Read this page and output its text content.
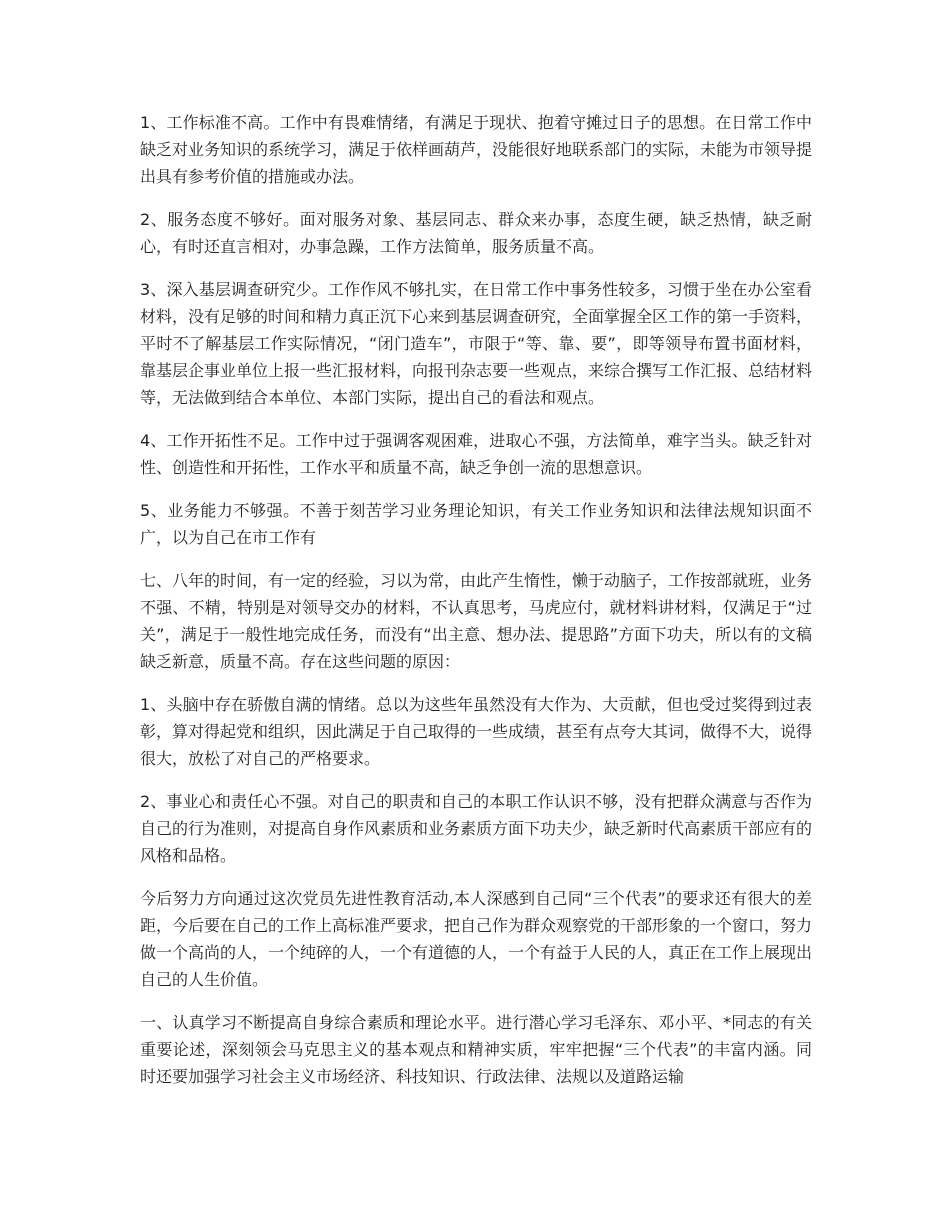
1、工作标准不高。工作中有畏难情绪，有满足于现状、抱着守摊过日子的思想。在日常工作中缺乏对业务知识的系统学习，满足于依样画葫芦，没能很好地联系部门的实际，未能为市领导提出具有参考价值的措施或办法。

2、服务态度不够好。面对服务对象、基层同志、群众来办事，态度生硬，缺乏热情，缺乏耐心，有时还直言相对，办事急躁，工作方法简单，服务质量不高。

3、深入基层调查研究少。工作作风不够扎实，在日常工作中事务性较多，习惯于坐在办公室看材料，没有足够的时间和精力真正沉下心来到基层调查研究，全面掌握全区工作的第一手资料，平时不了解基层工作实际情况，“闭门造车”，市限于“等、靠、要”，即等领导布置书面材料，靠基层企事业单位上报一些汇报材料，向报刊杂志要一些观点，来综合撰写工作汇报、总结材料等，无法做到结合本单位、本部门实际，提出自己的看法和观点。

4、工作开拓性不足。工作中过于强调客观困难，进取心不强，方法简单，难字当头。缺乏针对性、创造性和开拓性，工作水平和质量不高，缺乏争创一流的思想意识。

5、业务能力不够强。不善于刻苦学习业务理论知识，有关工作业务知识和法律法规知识面不广，以为自己在市工作有

七、八年的时间，有一定的经验，习以为常，由此产生惰性，懒于动脑子，工作按部就班，业务不强、不精，特别是对领导交办的材料，不认真思考，马虎应付，就材料讲材料，仅满足于“过关”，满足于一般性地完成任务，而没有“出主意、想办法、提思路”方面下功夫，所以有的文稿缺乏新意，质量不高。存在这些问题的原因：

1、头脑中存在骄傲自满的情绪。总以为这些年虽然没有大作为、大贡献，但也受过奖得到过表彰，算对得起党和组织，因此满足于自己取得的一些成绩，甚至有点夸大其词，做得不大，说得很大，放松了对自己的严格要求。

2、事业心和责任心不强。对自己的职责和自己的本职工作认识不够，没有把群众满意与否作为自己的行为准则，对提高自身作风素质和业务素质方面下功夫少，缺乏新时代高素质干部应有的风格和品格。

今后努力方向通过这次党员先进性教育活动,本人深感到自己同“三个代表”的要求还有很大的差距，今后要在自己的工作上高标准严要求，把自己作为群众观察党的干部形象的一个窗口，努力做一个高尚的人，一个纯碎的人，一个有道德的人，一个有益于人民的人，真正在工作上展现出自己的人生价值。

一、认真学习不断提高自身综合素质和理论水平。进行潜心学习毛泽东、邓小平、*同志的有关重要论述，深刻领会马克思主义的基本观点和精神实质，牢牢把握“三个代表”的丰富内涵。同时还要加强学习社会主义市场经济、科技知识、行政法律、法规以及道路运输
